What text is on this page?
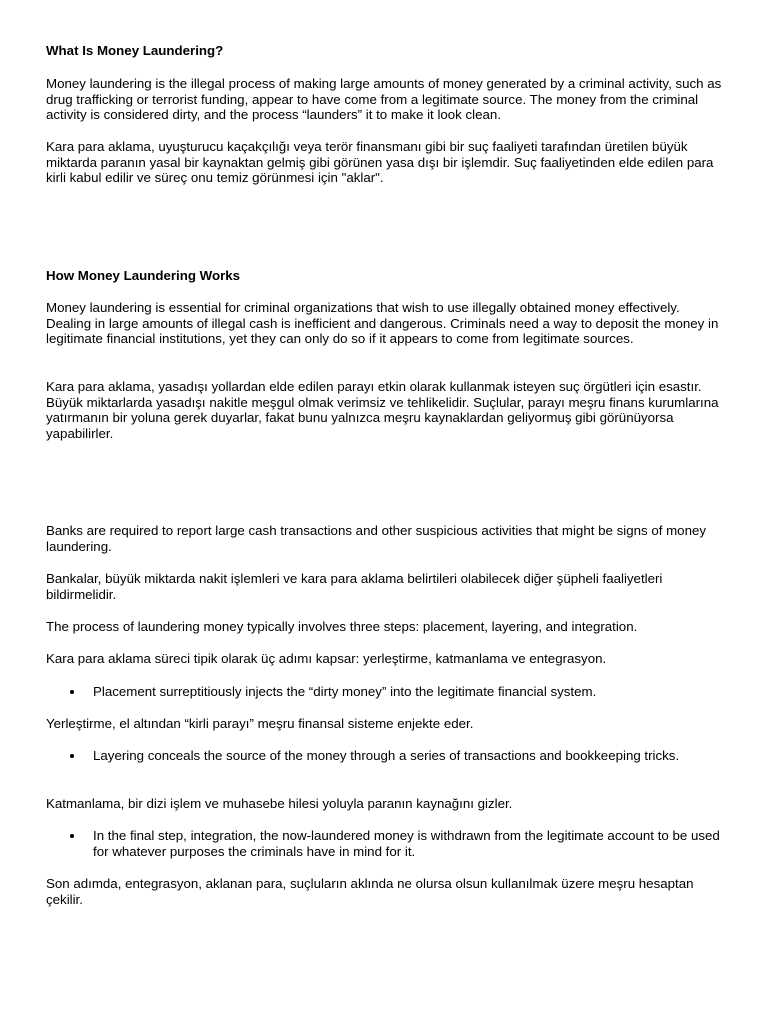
What Is Money Laundering?

Money laundering is the illegal process of making large amounts of money generated by a criminal activity, such as drug trafficking or terrorist funding, appear to have come from a legitimate source. The money from the criminal activity is considered dirty, and the process “launders” it to make it look clean.

Kara para aklama, uyuşturucu kaçakçılığı veya terör finansmanı gibi bir suç faaliyeti tarafından üretilen büyük miktarda paranın yasal bir kaynaktan gelmiş gibi görünen yasa dışı bir işlemdir. Suç faaliyetinden elde edilen para kirli kabul edilir ve süreç onu temiz görünmesi için "aklar".

How Money Laundering Works

Money laundering is essential for criminal organizations that wish to use illegally obtained money effectively. Dealing in large amounts of illegal cash is inefficient and dangerous. Criminals need a way to deposit the money in legitimate financial institutions, yet they can only do so if it appears to come from legitimate sources.

Kara para aklama, yasadışı yollardan elde edilen parayı etkin olarak kullanmak isteyen suç örgütleri için esastır. Büyük miktarlarda yasadışı nakitle meşgul olmak verimsiz ve tehlikelidir. Suçlular, parayı meşru finans kurumlarına yatırmanın bir yoluna gerek duyarlar, fakat bunu yalnızca meşru kaynaklardan geliyormuş gibi görünüyorsa yapabilirler.

Banks are required to report large cash transactions and other suspicious activities that might be signs of money laundering.

Bankalar, büyük miktarda nakit işlemleri ve kara para aklama belirtileri olabilecek diğer şüpheli faaliyetleri bildirmelidir.

The process of laundering money typically involves three steps: placement, layering, and integration.

Kara para aklama süreci tipik olarak üç adımı kapsar: yerleştirme, katmanlama ve entegrasyon.

Placement surreptitiously injects the “dirty money” into the legitimate financial system.

Yerleştirme, el altından “kirli parayı” meşru finansal sisteme enjekte eder.

Layering conceals the source of the money through a series of transactions and bookkeeping tricks.

Katmanlama, bir dizi işlem ve muhasebe hilesi yoluyla paranın kaynağını gizler.

In the final step, integration, the now-laundered money is withdrawn from the legitimate account to be used for whatever purposes the criminals have in mind for it.

Son adımda, entegrasyon, aklanan para, suçluların aklında ne olursa olsun kullanılmak üzere meşru hesaptan çekilir.
